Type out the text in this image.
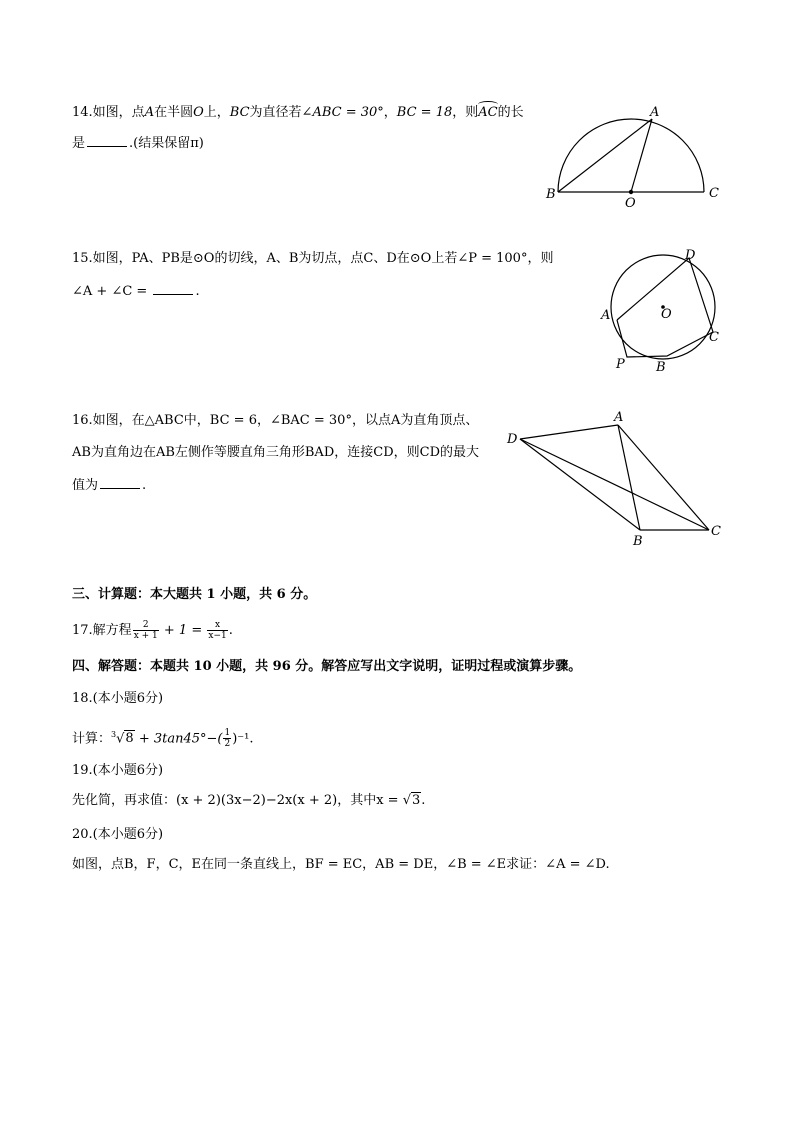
14.如图，点A在半圆O上，BC为直径若∠ABC = 30°，BC = 18，则AC的长
是	.(结果保留π)
A
B
O
C
15.如图，PA、PB是⊙O的切线，A、B为切点，点C、D在⊙O上若∠P = 100°，则
∠A + ∠C =	.
D
O
A
C
P B
16.如图，在△ABC中，BC = 6，∠BAC = 30°，以点A为直角顶点、
AB为直角边在AB左侧作等腰直角三角形BAD，连接CD，则CD的最大
值为	.
A
D
B
C
三、计算题：本大题共 1 小题，共 6 分。
17.解方程 $\frac{2}{x + 1} + 1 = \frac{x}{x-1}$ .
四、解答题：本题共 10 小题，共 96 分。解答应写出文字说明，证明过程或演算步骤。
18.(本小题6分)
计算：$^3√8 + 3\tan 45^\circ-( \frac{1}{2} )^{-1}$.
19.(本小题6分)
先化简，再求值：(x + 2)(3x−2)−2x(x + 2)，其中x = √3.
20.(本小题6分)
如图，点B，F，C，E在同一条直线上，BF = EC，AB = DE，∠B = ∠E求证：∠A = ∠D.
